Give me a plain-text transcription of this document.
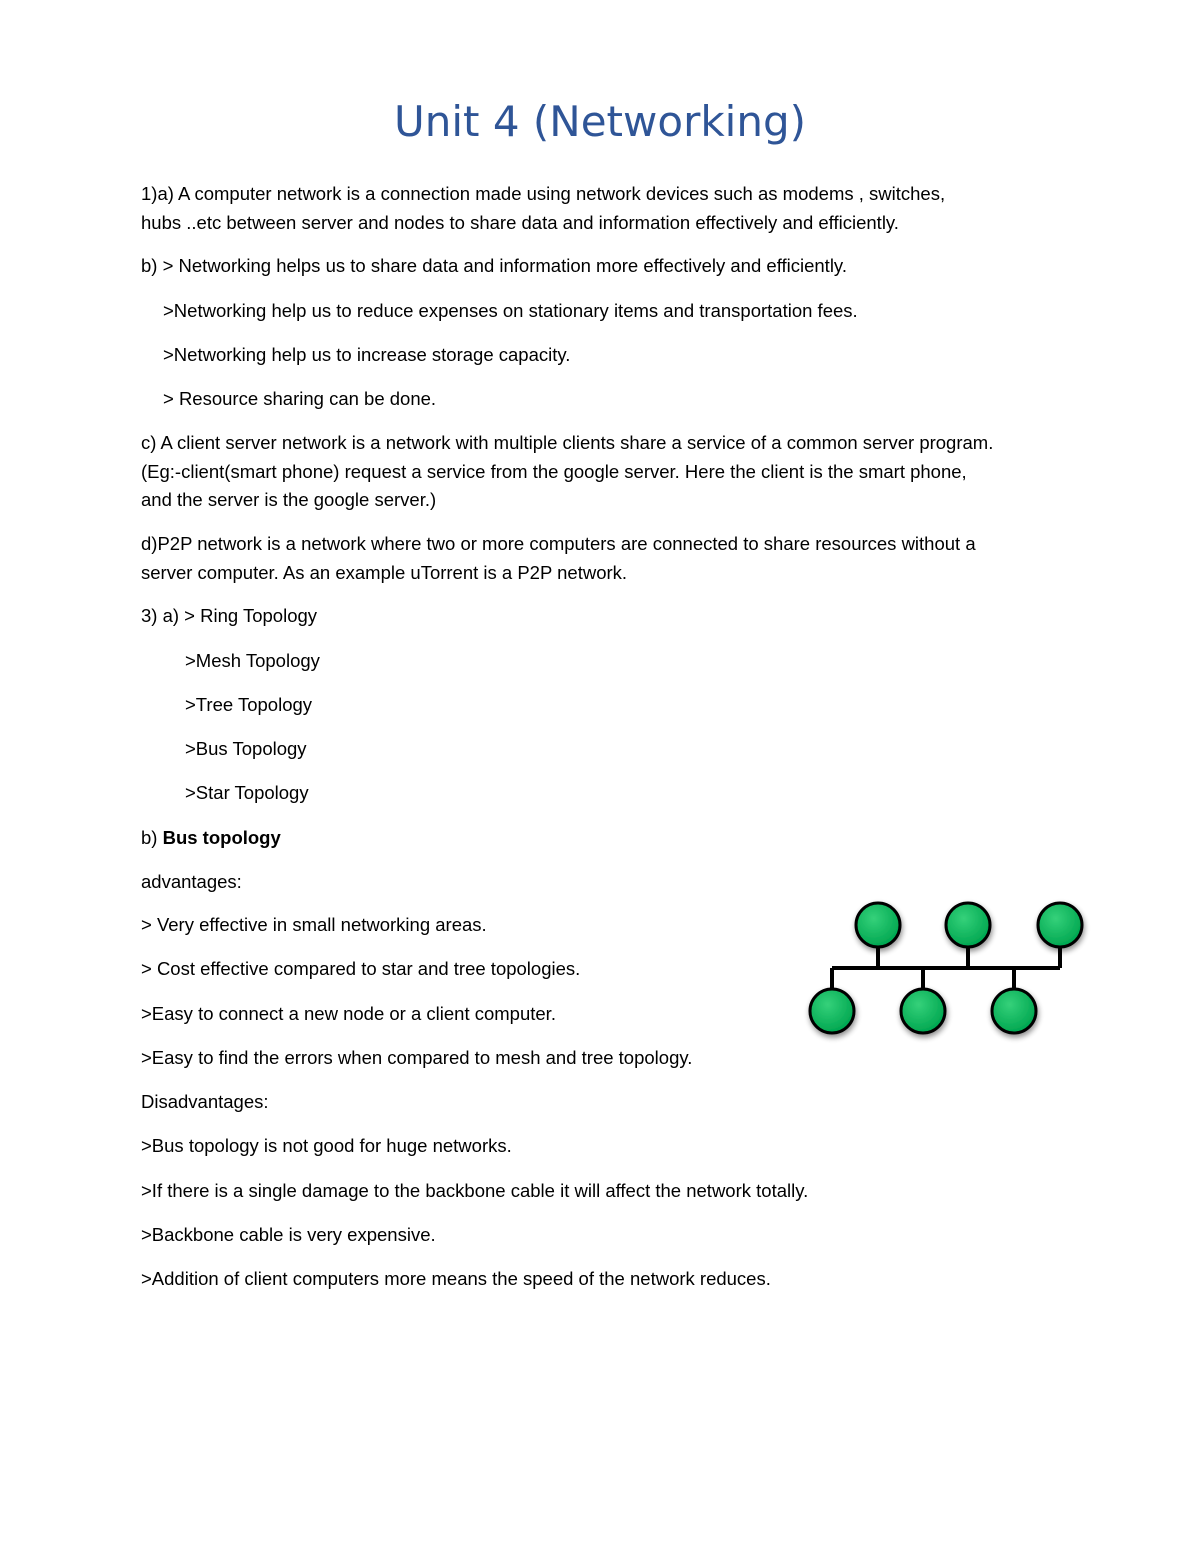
Unit 4 (Networking)
1)a) A computer network is a connection made using network devices such as modems , switches,
hubs ..etc between server and nodes to share data and information effectively and efficiently.
b) > Networking helps us to share data and information more effectively and efficiently.
>Networking help us to reduce expenses on stationary items and transportation fees.
>Networking help us to increase storage capacity.
> Resource sharing can be done.
c) A client server network is a network with multiple clients share a service of a common server program.
(Eg:-client(smart phone) request a service from the google server. Here the client is the smart phone,
and the server is the google server.)
d)P2P network is a network where two or more computers are connected to share resources without a
server computer. As an example uTorrent is a P2P network.
3) a) > Ring Topology
>Mesh Topology
>Tree Topology
>Bus Topology
>Star Topology
b) Bus topology
advantages:
> Very effective in small networking areas.
> Cost effective compared to star and tree topologies.
>Easy to connect a new node or a client computer.
>Easy to find the errors when compared to mesh and tree topology.
Disadvantages:
>Bus topology is not good for huge networks.
>If there is a single damage to the backbone cable it will affect the network totally.
>Backbone cable is very expensive.
>Addition of client computers more means the speed of the network reduces.
